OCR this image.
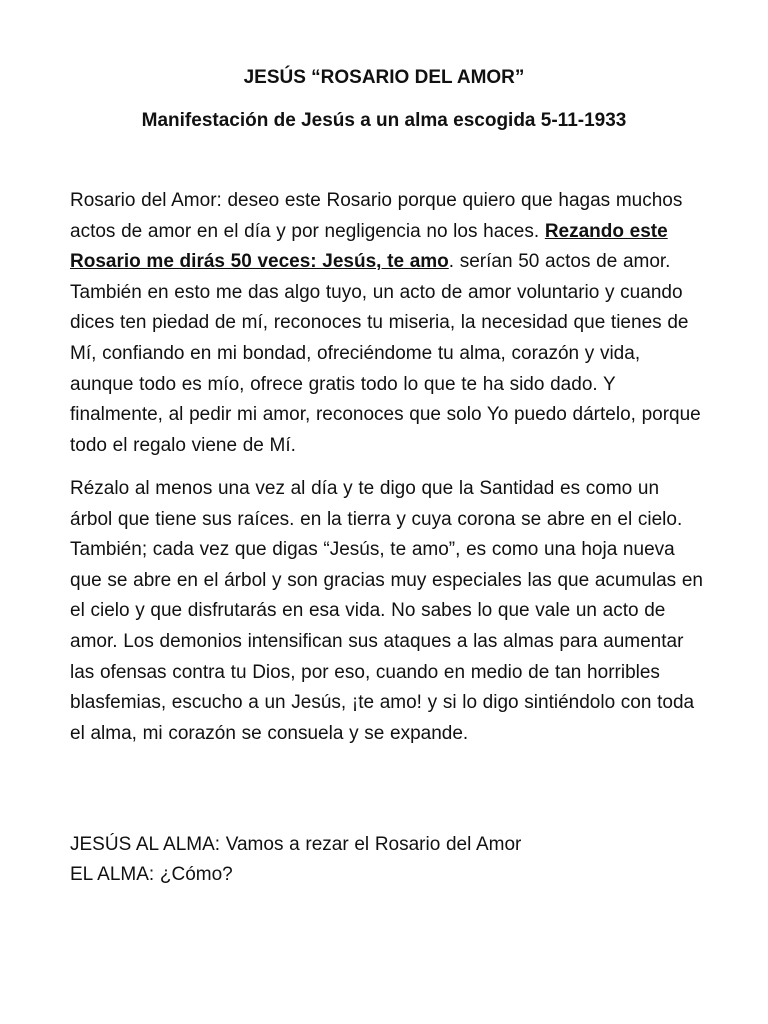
JESÚS “ROSARIO DEL AMOR”
Manifestación de Jesús a un alma escogida 5-11-1933

Rosario del Amor: deseo este Rosario porque quiero que hagas muchos actos de amor en el día y por negligencia no los haces. Rezando este Rosario me dirás 50 veces: Jesús, te amo. serían 50 actos de amor. También en esto me das algo tuyo, un acto de amor voluntario y cuando dices ten piedad de mí, reconoces tu miseria, la necesidad que tienes de Mí, confiando en mi bondad, ofreciéndome tu alma, corazón y vida, aunque todo es mío, ofrece gratis todo lo que te ha sido dado. Y finalmente, al pedir mi amor, reconoces que solo Yo puedo dártelo, porque todo el regalo viene de Mí.

Rézalo al menos una vez al día y te digo que la Santidad es como un árbol que tiene sus raíces. en la tierra y cuya corona se abre en el cielo. También; cada vez que digas “Jesús, te amo”, es como una hoja nueva que se abre en el árbol y son gracias muy especiales las que acumulas en el cielo y que disfrutarás en esa vida. No sabes lo que vale un acto de amor. Los demonios intensifican sus ataques a las almas para aumentar las ofensas contra tu Dios, por eso, cuando en medio de tan horribles blasfemias, escucho a un Jesús, ¡te amo! y si lo digo sintiéndolo con toda el alma, mi corazón se consuela y se expande.

JESÚS AL ALMA: Vamos a rezar el Rosario del Amor

EL ALMA: ¿Cómo?
